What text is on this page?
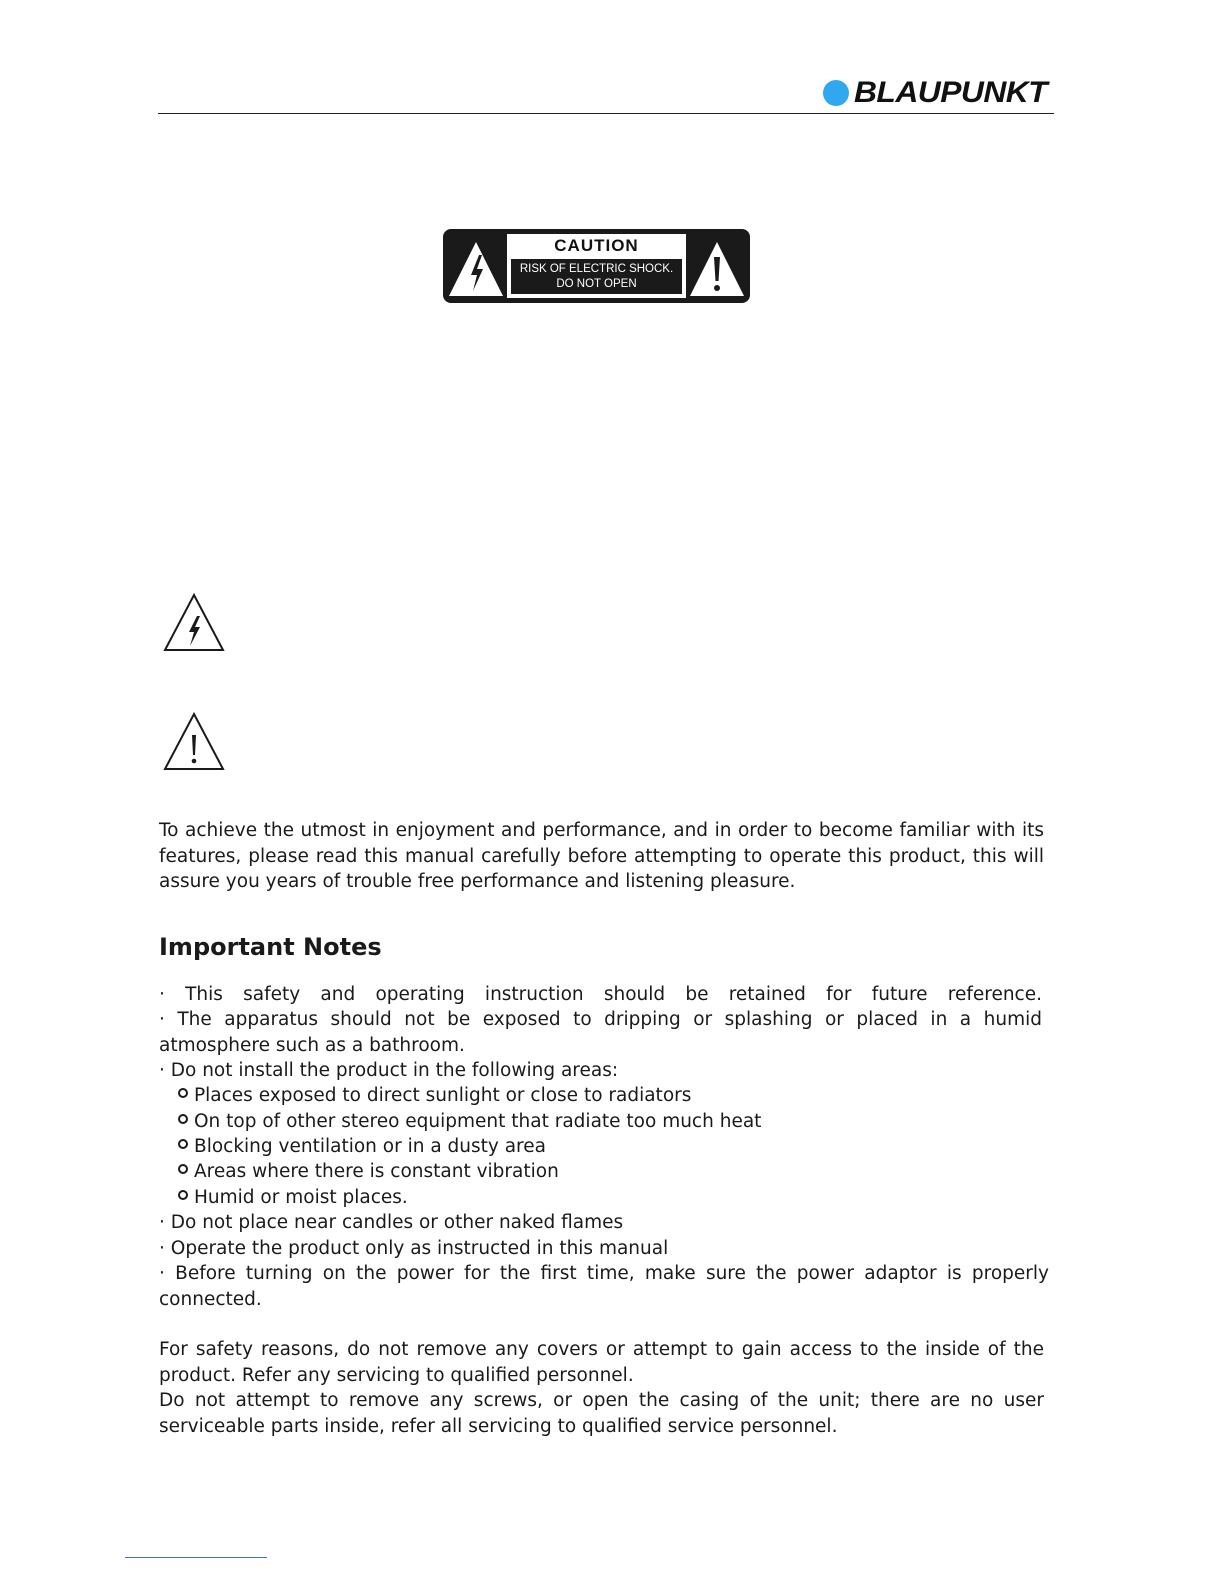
BLAUPUNKT
CAUTION
RISK OF ELECTRIC SHOCK.
DO NOT OPEN
To achieve the utmost in enjoyment and performance, and in order to become familiar with its features, please read this manual carefully before attempting to operate this product, this will assure you years of trouble free performance and listening pleasure.
Important Notes
· This safety and operating instruction should be retained for future reference.
· The apparatus should not be exposed to dripping or splashing or placed in a humid
atmosphere such as a bathroom.
· Do not install the product in the following areas:
Places exposed to direct sunlight or close to radiators
On top of other stereo equipment that radiate too much heat
Blocking ventilation or in a dusty area
Areas where there is constant vibration
Humid or moist places.
· Do not place near candles or other naked flames
· Operate the product only as instructed in this manual
· Before turning on the power for the first time, make sure the power adaptor is properly
connected.
For safety reasons, do not remove any covers or attempt to gain access to the inside of the product. Refer any servicing to qualified personnel.
Do not attempt to remove any screws, or open the casing of the unit; there are no user serviceable parts inside, refer all servicing to qualified service personnel.
